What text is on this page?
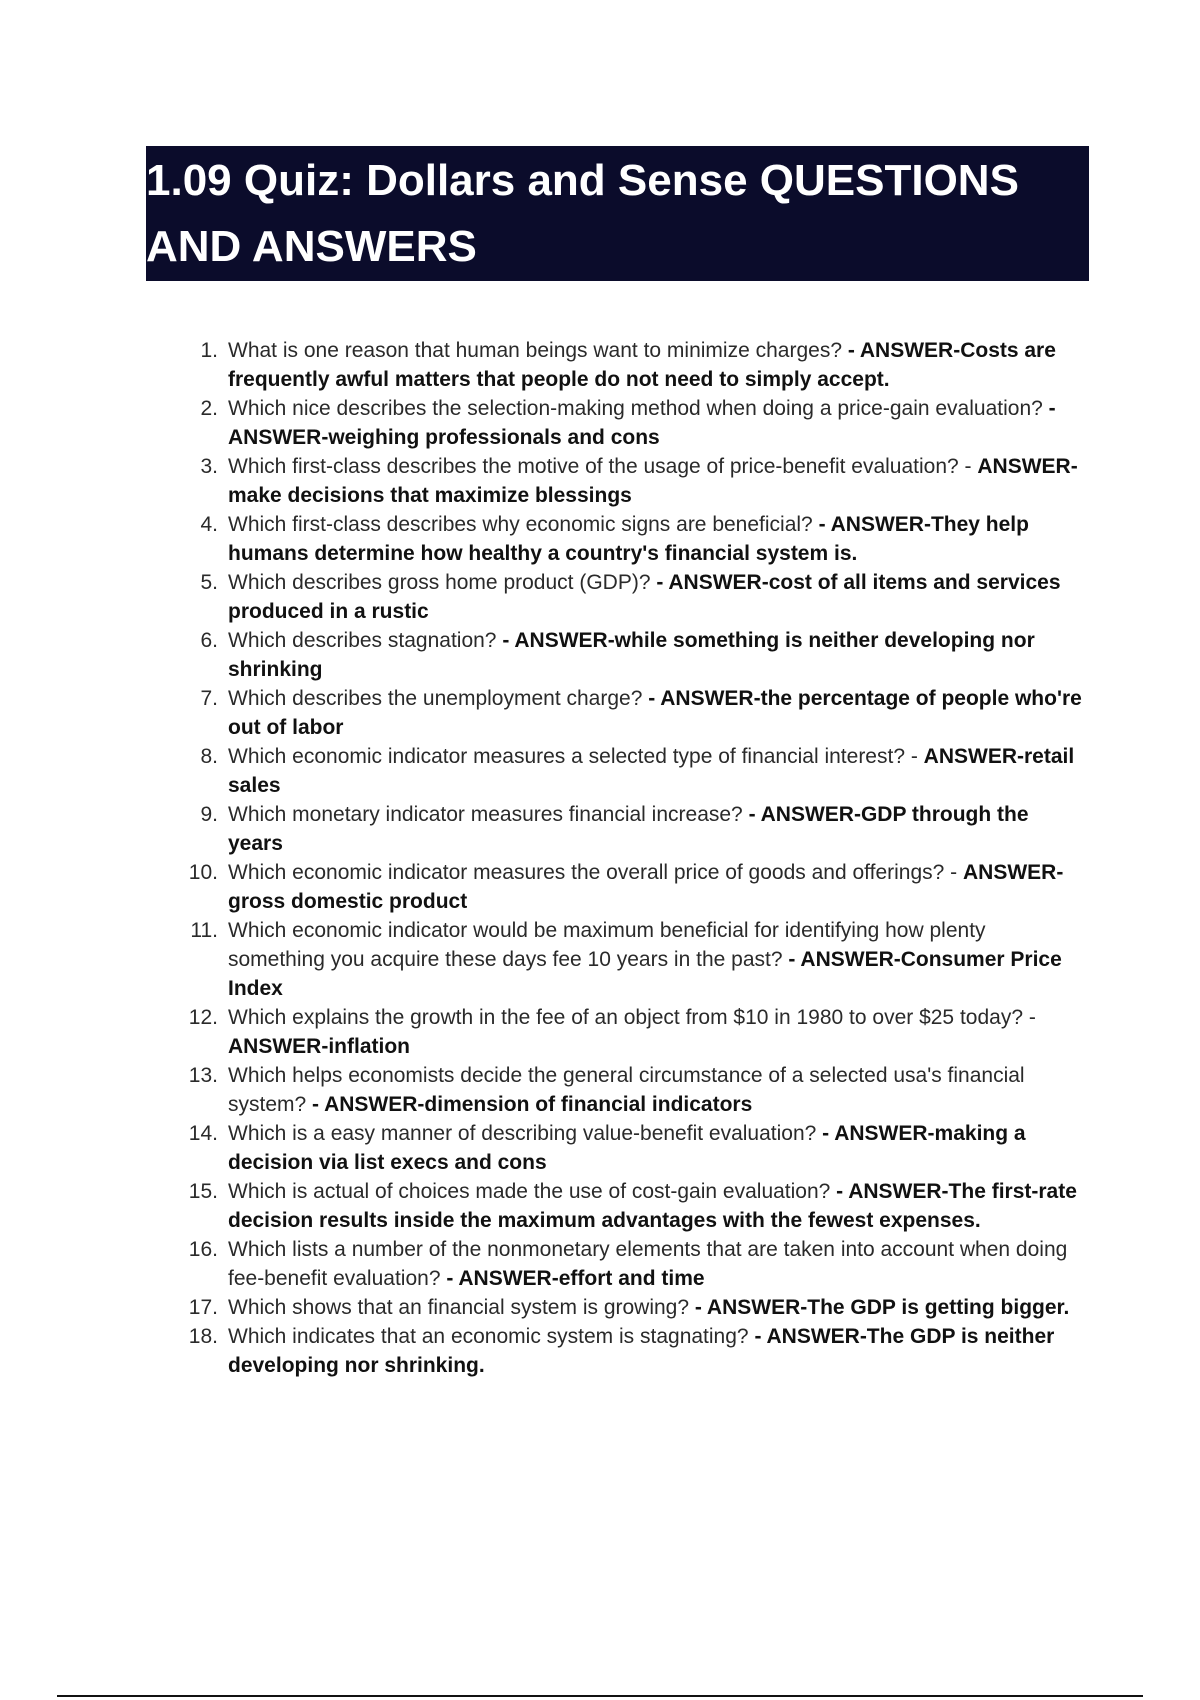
1.09 Quiz: Dollars and Sense QUESTIONS AND ANSWERS
1. What is one reason that human beings want to minimize charges? - ANSWER-Costs are frequently awful matters that people do not need to simply accept.
2. Which nice describes the selection-making method when doing a price-gain evaluation? - ANSWER-weighing professionals and cons
3. Which first-class describes the motive of the usage of price-benefit evaluation? - ANSWER-make decisions that maximize blessings
4. Which first-class describes why economic signs are beneficial? - ANSWER-They help humans determine how healthy a country's financial system is.
5. Which describes gross home product (GDP)? - ANSWER-cost of all items and services produced in a rustic
6. Which describes stagnation? - ANSWER-while something is neither developing nor shrinking
7. Which describes the unemployment charge? - ANSWER-the percentage of people who're out of labor
8. Which economic indicator measures a selected type of financial interest? - ANSWER-retail sales
9. Which monetary indicator measures financial increase? - ANSWER-GDP through the years
10. Which economic indicator measures the overall price of goods and offerings? - ANSWER-gross domestic product
11. Which economic indicator would be maximum beneficial for identifying how plenty something you acquire these days fee 10 years in the past? - ANSWER-Consumer Price Index
12. Which explains the growth in the fee of an object from $10 in 1980 to over $25 today? - ANSWER-inflation
13. Which helps economists decide the general circumstance of a selected usa's financial system? - ANSWER-dimension of financial indicators
14. Which is a easy manner of describing value-benefit evaluation? - ANSWER-making a decision via list execs and cons
15. Which is actual of choices made the use of cost-gain evaluation? - ANSWER-The first-rate decision results inside the maximum advantages with the fewest expenses.
16. Which lists a number of the nonmonetary elements that are taken into account when doing fee-benefit evaluation? - ANSWER-effort and time
17. Which shows that an financial system is growing? - ANSWER-The GDP is getting bigger.
18. Which indicates that an economic system is stagnating? - ANSWER-The GDP is neither developing nor shrinking.
